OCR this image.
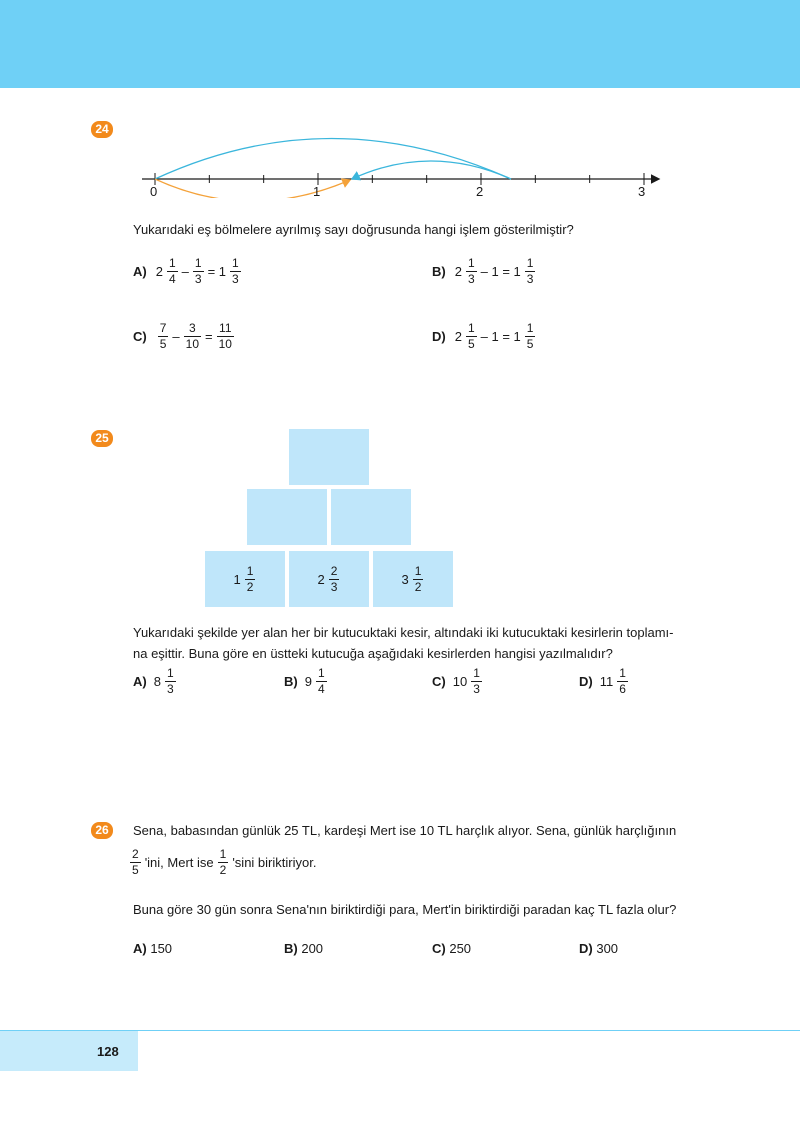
24
0	1	2	3
Yukarıdaki eş bölmelere ayrılmış sayı doğrusunda hangi işlem gösterilmiştir?
A) $2 \frac{1}{4} - \frac{1}{3} = 1 \frac{1}{3}$	B) $2 \frac{1}{3} - 1 = 1 \frac{1}{3}$
$C) \frac{7}{5} - \frac{3}{10} = \frac{11}{10}$	D) $2 \frac{1}{5} - 1 = 1 \frac{1}{5}$
25
$1 \frac{1}{2}$	$2 \frac{2}{3}$	$3 \frac{1}{2}$
Yukarıdaki şekilde yer alan her bir kutucuktaki kesir, altındaki iki kutucuktaki kesirlerin toplamı-
na eşittir. Buna göre en üstteki kutucuğa aşağıdaki kesirlerden hangisi yazılmalıdır?
A) $8 \frac{1}{3}$	B) $9 \frac{1}{4}$	C) $10 \frac{1}{3}$	D) $11 \frac{1}{6}$
26	Sena, babasından günlük 25 TL, kardeşi Mert ise 10 TL harçlık alıyor. Sena, günlük harçlığının
$\frac{2}{5}$ 'ini, Mert ise $\frac{1}{2}$ 'sini biriktiriyor.
Buna göre 30 gün sonra Sena'nın biriktirdiği para, Mert'in biriktirdiği paradan kaç TL fazla olur?
A) 150	B) 200	C) 250	D) 300
128
